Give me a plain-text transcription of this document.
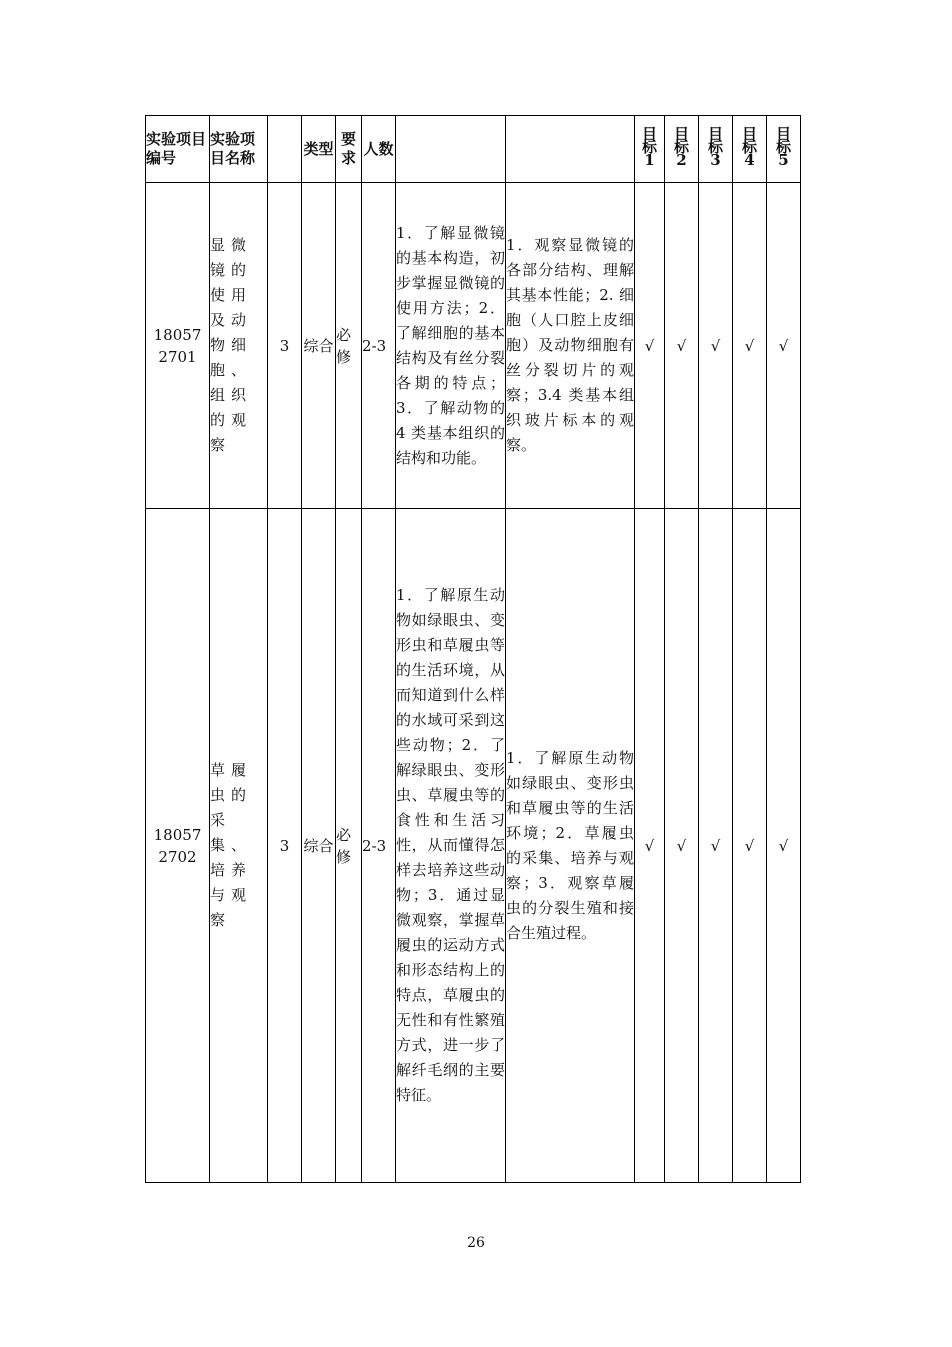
实验项目编号	实验项目名称		类型	要求	人数			目标1	目标2	目标3	目标4	目标5
18057 2701	显微镜的使用及动物细胞、组织的观察	3	综合	必修	2-3	1．了解显微镜的基本构造，初步掌握显微镜的使用方法；2．了解细胞的基本结构及有丝分裂各期的特点；3．了解动物的 4 类基本组织的结构和功能。	1．观察显微镜的各部分结构、理解其基本性能；2. 细胞（人口腔上皮细胞）及动物细胞有丝分裂切片的观察；3.4 类基本组织玻片标本的观察。	√	√	√	√	√
18057 2702	草履虫的采集、培养与观察	3	综合	必修	2-3	1．了解原生动物如绿眼虫、变形虫和草履虫等的生活环境，从而知道到什么样的水域可采到这些动物；2．了解绿眼虫、变形虫、草履虫等的食性和生活习性，从而懂得怎样去培养这些动物；3．通过显微观察，掌握草履虫的运动方式和形态结构上的特点，草履虫的无性和有性繁殖方式，进一步了解纤毛纲的主要特征。	1．了解原生动物如绿眼虫、变形虫和草履虫等的生活环境；2．草履虫的采集、培养与观察；3．观察草履虫的分裂生殖和接合生殖过程。	√	√	√	√	√
26
